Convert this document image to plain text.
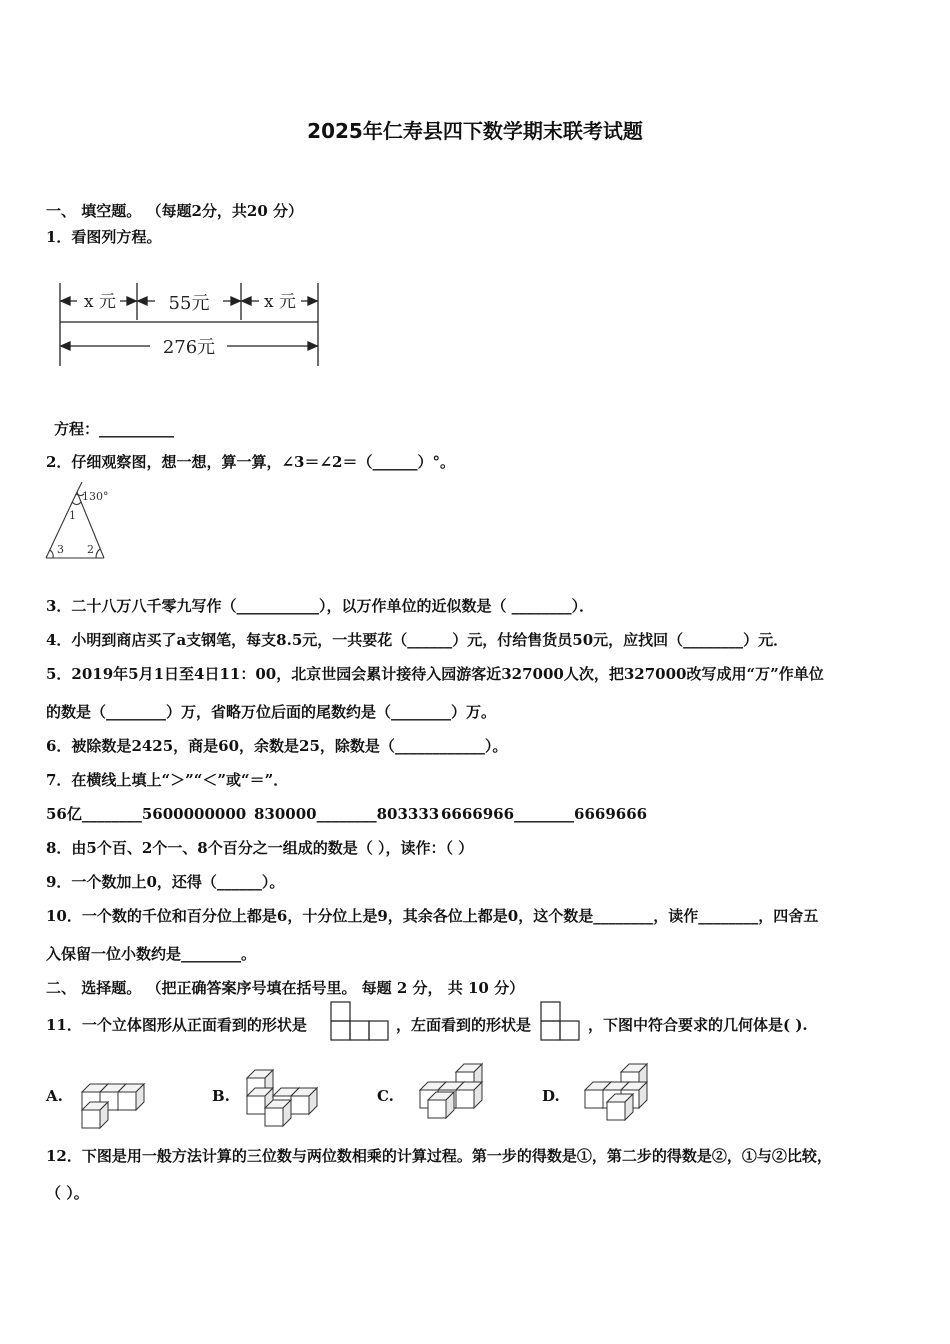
2025年仁寿县四下数学期末联考试题
一、 填空题。 （每题2分，共20 分）
1．看图列方程。
x 元	55元	x 元
276元
方程：__________
2．仔细观察图，想一想，算一算，∠3＝∠2＝（______）°。
130°
1
3 2
3．二十八万八千零九写作（___________），以万作单位的近似数是（ ________）．
4．小明到商店买了a支钢笔，每支8.5元，一共要花（______）元，付给售货员50元，应找回（________）元．
5．2019年5月1日至4日11：00，北京世园会累计接待入园游客近327000人次，把327000改写成用“万”作单位
的数是（________）万，省略万位后面的尾数约是（________）万。
6．被除数是2425，商是60，余数是25，除数是（____________）。
7．在横线上填上“＞”“＜”或“＝”．
56亿________5600000000 830000________803333 6666966________6669666
8．由5个百、2个一、8个百分之一组成的数是（ ），读作：（ ）
9．一个数加上0，还得（______）。
10．一个数的千位和百分位上都是6，十分位上是9，其余各位上都是0，这个数是________，读作________，四舍五
入保留一位小数约是________。
二、 选择题。 （把正确答案序号填在括号里。 每题 2 分， 共 10 分）
11．一个立体图形从正面看到的形状是	，左面看到的形状是	，下图中符合要求的几何体是( ).
A.	B.	C.	D.
12．下图是用一般方法计算的三位数与两位数相乘的计算过程。第一步的得数是①，第二步的得数是②，①与②比较，
（ ）。
